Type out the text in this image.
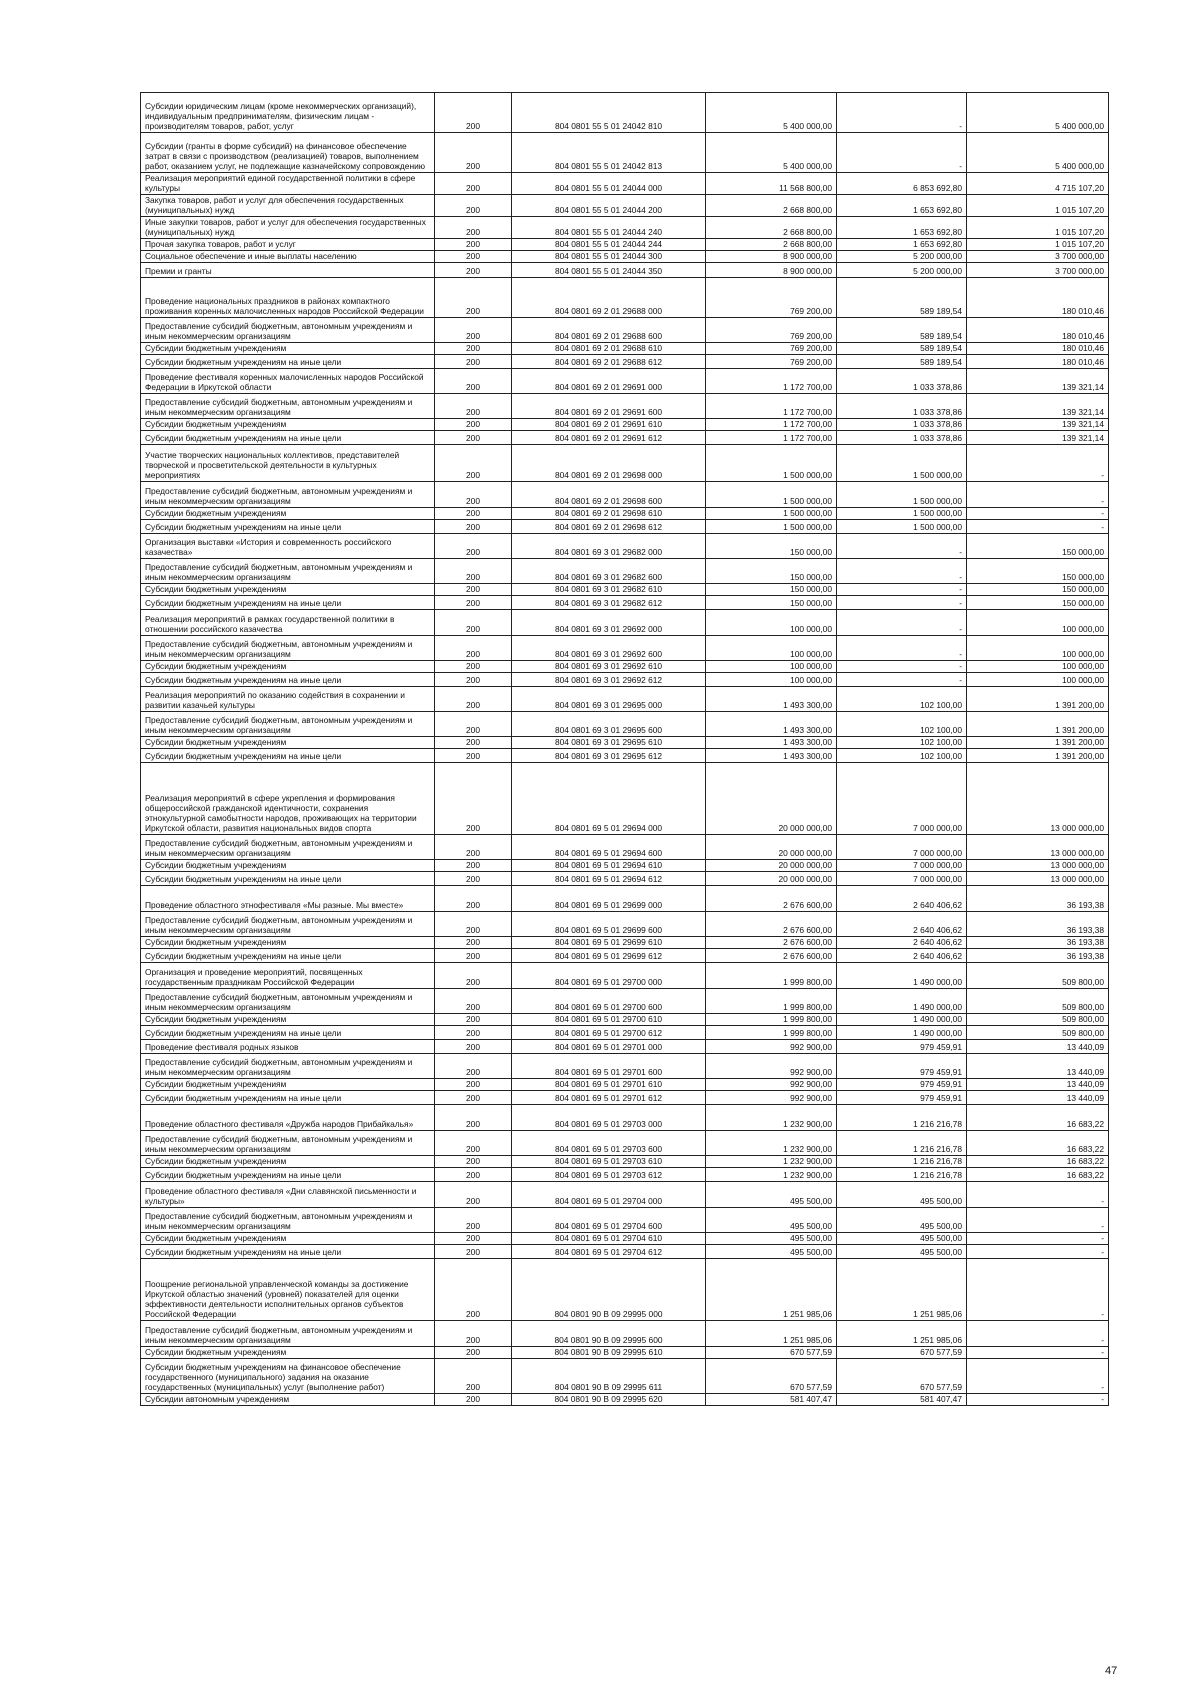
Субсидии юридическим лицам (кроме некоммерческих организаций), индивидуальным предпринимателям, физическим лицам - производителям товаров, работ, услуг	200	804 0801 55 5 01 24042 810	5 400 000,00	-	5 400 000,00
Субсидии (гранты в форме субсидий) на финансовое обеспечение затрат в связи с производством (реализацией) товаров, выполнением работ, оказанием услуг, не подлежащие казначейскому сопровождению	200	804 0801 55 5 01 24042 813	5 400 000,00	-	5 400 000,00
Реализация мероприятий единой государственной политики в сфере культуры	200	804 0801 55 5 01 24044 000	11 568 800,00	6 853 692,80	4 715 107,20
Закупка товаров, работ и услуг для обеспечения государственных (муниципальных) нужд	200	804 0801 55 5 01 24044 200	2 668 800,00	1 653 692,80	1 015 107,20
Иные закупки товаров, работ и услуг для обеспечения государственных (муниципальных) нужд	200	804 0801 55 5 01 24044 240	2 668 800,00	1 653 692,80	1 015 107,20
Прочая закупка товаров, работ и услуг	200	804 0801 55 5 01 24044 244	2 668 800,00	1 653 692,80	1 015 107,20
Социальное обеспечение и иные выплаты населению	200	804 0801 55 5 01 24044 300	8 900 000,00	5 200 000,00	3 700 000,00
Премии и гранты	200	804 0801 55 5 01 24044 350	8 900 000,00	5 200 000,00	3 700 000,00
Проведение национальных праздников в районах компактного проживания коренных малочисленных народов Российской Федерации	200	804 0801 69 2 01 29688 000	769 200,00	589 189,54	180 010,46
Предоставление субсидий бюджетным, автономным учреждениям и иным некоммерческим организациям	200	804 0801 69 2 01 29688 600	769 200,00	589 189,54	180 010,46
Субсидии бюджетным учреждениям	200	804 0801 69 2 01 29688 610	769 200,00	589 189,54	180 010,46
Субсидии бюджетным учреждениям на иные цели	200	804 0801 69 2 01 29688 612	769 200,00	589 189,54	180 010,46
Проведение фестиваля коренных малочисленных народов Российской Федерации в Иркутской области	200	804 0801 69 2 01 29691 000	1 172 700,00	1 033 378,86	139 321,14
Предоставление субсидий бюджетным, автономным учреждениям и иным некоммерческим организациям	200	804 0801 69 2 01 29691 600	1 172 700,00	1 033 378,86	139 321,14
Субсидии бюджетным учреждениям	200	804 0801 69 2 01 29691 610	1 172 700,00	1 033 378,86	139 321,14
Субсидии бюджетным учреждениям на иные цели	200	804 0801 69 2 01 29691 612	1 172 700,00	1 033 378,86	139 321,14
Участие творческих национальных коллективов, представителей творческой и просветительской деятельности в культурных мероприятиях	200	804 0801 69 2 01 29698 000	1 500 000,00	1 500 000,00	-
Предоставление субсидий бюджетным, автономным учреждениям и иным некоммерческим организациям	200	804 0801 69 2 01 29698 600	1 500 000,00	1 500 000,00	-
Субсидии бюджетным учреждениям	200	804 0801 69 2 01 29698 610	1 500 000,00	1 500 000,00	-
Субсидии бюджетным учреждениям на иные цели	200	804 0801 69 2 01 29698 612	1 500 000,00	1 500 000,00	-
Организация выставки «История и современность российского казачества»	200	804 0801 69 3 01 29682 000	150 000,00	-	150 000,00
Предоставление субсидий бюджетным, автономным учреждениям и иным некоммерческим организациям	200	804 0801 69 3 01 29682 600	150 000,00	-	150 000,00
Субсидии бюджетным учреждениям	200	804 0801 69 3 01 29682 610	150 000,00	-	150 000,00
Субсидии бюджетным учреждениям на иные цели	200	804 0801 69 3 01 29682 612	150 000,00	-	150 000,00
Реализация мероприятий в рамках государственной политики в отношении российского казачества	200	804 0801 69 3 01 29692 000	100 000,00	-	100 000,00
Предоставление субсидий бюджетным, автономным учреждениям и иным некоммерческим организациям	200	804 0801 69 3 01 29692 600	100 000,00	-	100 000,00
Субсидии бюджетным учреждениям	200	804 0801 69 3 01 29692 610	100 000,00	-	100 000,00
Субсидии бюджетным учреждениям на иные цели	200	804 0801 69 3 01 29692 612	100 000,00	-	100 000,00
Реализация мероприятий по оказанию содействия в сохранении и развитии казачьей культуры	200	804 0801 69 3 01 29695 000	1 493 300,00	102 100,00	1 391 200,00
Предоставление субсидий бюджетным, автономным учреждениям и иным некоммерческим организациям	200	804 0801 69 3 01 29695 600	1 493 300,00	102 100,00	1 391 200,00
Субсидии бюджетным учреждениям	200	804 0801 69 3 01 29695 610	1 493 300,00	102 100,00	1 391 200,00
Субсидии бюджетным учреждениям на иные цели	200	804 0801 69 3 01 29695 612	1 493 300,00	102 100,00	1 391 200,00
Реализация мероприятий в сфере укрепления и формирования общероссийской гражданской идентичности, сохранения этнокультурной самобытности народов, проживающих на территории Иркутской области, развития национальных видов спорта	200	804 0801 69 5 01 29694 000	20 000 000,00	7 000 000,00	13 000 000,00
Предоставление субсидий бюджетным, автономным учреждениям и иным некоммерческим организациям	200	804 0801 69 5 01 29694 600	20 000 000,00	7 000 000,00	13 000 000,00
Субсидии бюджетным учреждениям	200	804 0801 69 5 01 29694 610	20 000 000,00	7 000 000,00	13 000 000,00
Субсидии бюджетным учреждениям на иные цели	200	804 0801 69 5 01 29694 612	20 000 000,00	7 000 000,00	13 000 000,00
Проведение областного этнофестиваля «Мы разные. Мы вместе»	200	804 0801 69 5 01 29699 000	2 676 600,00	2 640 406,62	36 193,38
Предоставление субсидий бюджетным, автономным учреждениям и иным некоммерческим организациям	200	804 0801 69 5 01 29699 600	2 676 600,00	2 640 406,62	36 193,38
Субсидии бюджетным учреждениям	200	804 0801 69 5 01 29699 610	2 676 600,00	2 640 406,62	36 193,38
Субсидии бюджетным учреждениям на иные цели	200	804 0801 69 5 01 29699 612	2 676 600,00	2 640 406,62	36 193,38
Организация и проведение мероприятий, посвященных государственным праздникам Российской Федерации	200	804 0801 69 5 01 29700 000	1 999 800,00	1 490 000,00	509 800,00
Предоставление субсидий бюджетным, автономным учреждениям и иным некоммерческим организациям	200	804 0801 69 5 01 29700 600	1 999 800,00	1 490 000,00	509 800,00
Субсидии бюджетным учреждениям	200	804 0801 69 5 01 29700 610	1 999 800,00	1 490 000,00	509 800,00
Субсидии бюджетным учреждениям на иные цели	200	804 0801 69 5 01 29700 612	1 999 800,00	1 490 000,00	509 800,00
Проведение фестиваля родных языков	200	804 0801 69 5 01 29701 000	992 900,00	979 459,91	13 440,09
Предоставление субсидий бюджетным, автономным учреждениям и иным некоммерческим организациям	200	804 0801 69 5 01 29701 600	992 900,00	979 459,91	13 440,09
Субсидии бюджетным учреждениям	200	804 0801 69 5 01 29701 610	992 900,00	979 459,91	13 440,09
Субсидии бюджетным учреждениям на иные цели	200	804 0801 69 5 01 29701 612	992 900,00	979 459,91	13 440,09
Проведение областного фестиваля «Дружба народов Прибайкалья»	200	804 0801 69 5 01 29703 000	1 232 900,00	1 216 216,78	16 683,22
Предоставление субсидий бюджетным, автономным учреждениям и иным некоммерческим организациям	200	804 0801 69 5 01 29703 600	1 232 900,00	1 216 216,78	16 683,22
Субсидии бюджетным учреждениям	200	804 0801 69 5 01 29703 610	1 232 900,00	1 216 216,78	16 683,22
Субсидии бюджетным учреждениям на иные цели	200	804 0801 69 5 01 29703 612	1 232 900,00	1 216 216,78	16 683,22
Проведение областного фестиваля «Дни славянской письменности и культуры»	200	804 0801 69 5 01 29704 000	495 500,00	495 500,00	-
Предоставление субсидий бюджетным, автономным учреждениям и иным некоммерческим организациям	200	804 0801 69 5 01 29704 600	495 500,00	495 500,00	-
Субсидии бюджетным учреждениям	200	804 0801 69 5 01 29704 610	495 500,00	495 500,00	-
Субсидии бюджетным учреждениям на иные цели	200	804 0801 69 5 01 29704 612	495 500,00	495 500,00	-
Поощрение региональной управленческой команды за достижение Иркутской областью значений (уровней) показателей для оценки эффективности деятельности исполнительных органов субъектов Российской Федерации	200	804 0801 90 В 09 29995 000	1 251 985,06	1 251 985,06	-
Предоставление субсидий бюджетным, автономным учреждениям и иным некоммерческим организациям	200	804 0801 90 В 09 29995 600	1 251 985,06	1 251 985,06	-
Субсидии бюджетным учреждениям	200	804 0801 90 В 09 29995 610	670 577,59	670 577,59	-
Субсидии бюджетным учреждениям на финансовое обеспечение государственного (муниципального) задания на оказание государственных (муниципальных) услуг (выполнение работ)	200	804 0801 90 В 09 29995 611	670 577,59	670 577,59	-
Субсидии автономным учреждениям	200	804 0801 90 В 09 29995 620	581 407,47	581 407,47	-
47
